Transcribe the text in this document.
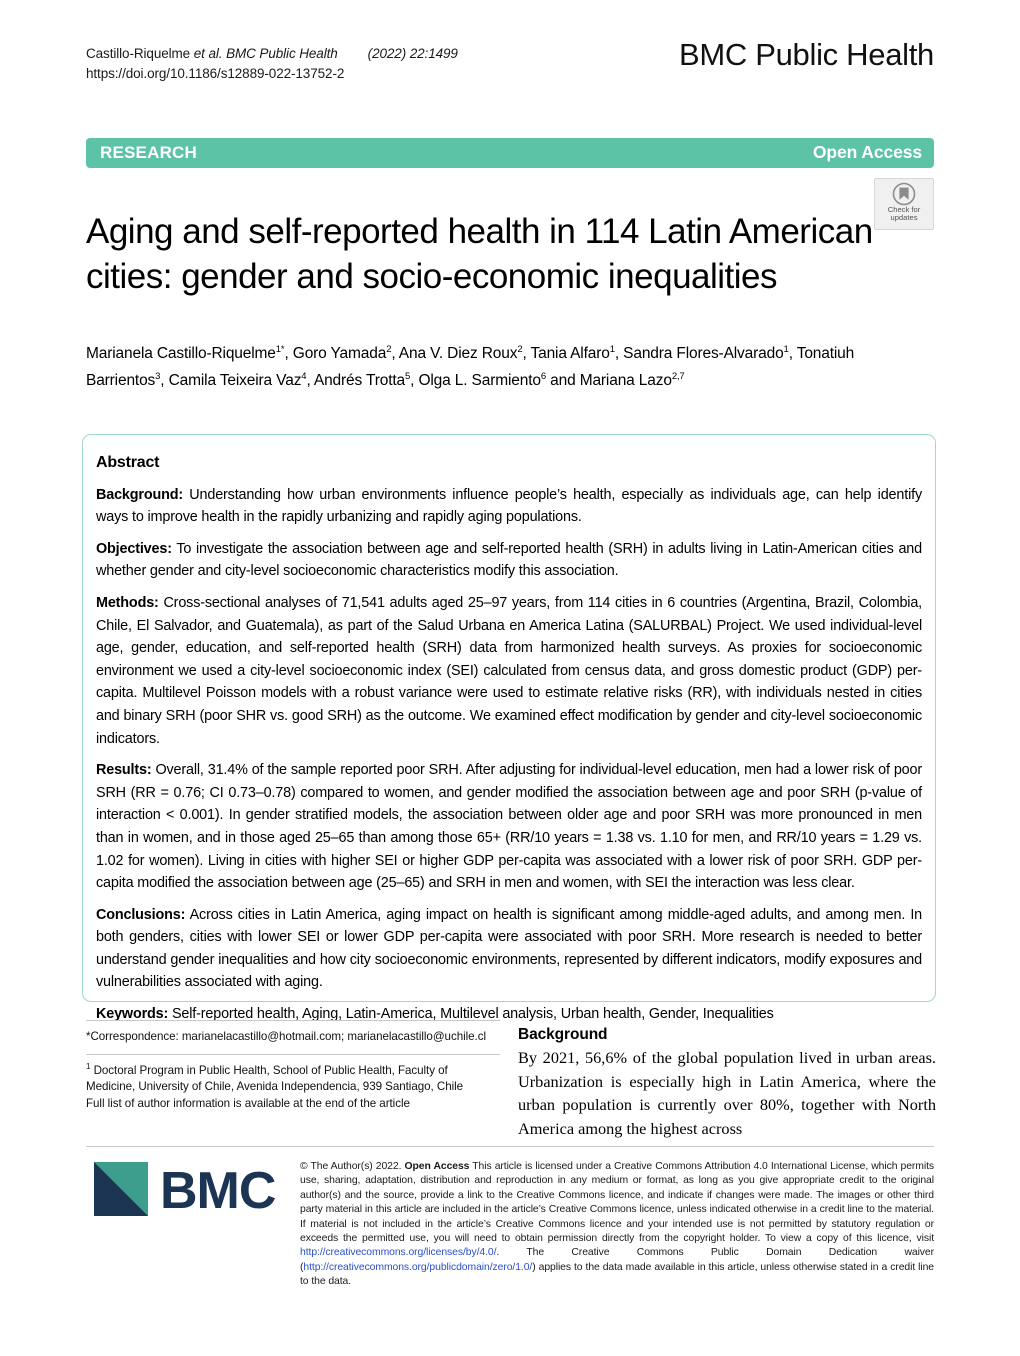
Castillo-Riquelme et al. BMC Public Health (2022) 22:1499
https://doi.org/10.1186/s12889-022-13752-2
BMC Public Health
RESEARCH	Open Access
Check for
updates
Aging and self-reported health in 114 Latin American cities: gender and socio-economic inequalities
Marianela Castillo-Riquelme$^{1*}$, Goro Yamada$^2$, Ana V. Diez Roux$^2$, Tania Alfaro$^1$, Sandra Flores-Alvarado$^1$, Tonatiuh Barrientos$^3$, Camila Teixeira Vaz$^4$, Andrés Trotta$^5$, Olga L. Sarmiento$^6$ and Mariana Lazo$^{2,7}$
Abstract

Background: Understanding how urban environments influence people’s health, especially as individuals age, can help identify ways to improve health in the rapidly urbanizing and rapidly aging populations.

Objectives: To investigate the association between age and self-reported health (SRH) in adults living in Latin-American cities and whether gender and city-level socioeconomic characteristics modify this association.

Methods: Cross-sectional analyses of 71,541 adults aged 25–97 years, from 114 cities in 6 countries (Argentina, Brazil, Colombia, Chile, El Salvador, and Guatemala), as part of the Salud Urbana en America Latina (SALURBAL) Project. We used individual-level age, gender, education, and self-reported health (SRH) data from harmonized health surveys. As proxies for socioeconomic environment we used a city-level socioeconomic index (SEI) calculated from census data, and gross domestic product (GDP) per-capita. Multilevel Poisson models with a robust variance were used to estimate relative risks (RR), with individuals nested in cities and binary SRH (poor SHR vs. good SRH) as the outcome. We examined effect modification by gender and city-level socioeconomic indicators.

Results: Overall, 31.4% of the sample reported poor SRH. After adjusting for individual-level education, men had a lower risk of poor SRH (RR = 0.76; CI 0.73–0.78) compared to women, and gender modified the association between age and poor SRH (p-value of interaction < 0.001). In gender stratified models, the association between older age and poor SRH was more pronounced in men than in women, and in those aged 25–65 than among those 65+ (RR/10 years = 1.38 vs. 1.10 for men, and RR/10 years = 1.29 vs. 1.02 for women). Living in cities with higher SEI or higher GDP per-capita was associated with a lower risk of poor SRH. GDP per-capita modified the association between age (25–65) and SRH in men and women, with SEI the interaction was less clear.

Conclusions: Across cities in Latin America, aging impact on health is significant among middle-aged adults, and among men. In both genders, cities with lower SEI or lower GDP per-capita were associated with poor SRH. More research is needed to better understand gender inequalities and how city socioeconomic environments, represented by different indicators, modify exposures and vulnerabilities associated with aging.

Keywords: Self-reported health, Aging, Latin-America, Multilevel analysis, Urban health, Gender, Inequalities

*Correspondence: marianelacastillo@hotmail.com; marianelacastillo@uchile.cl

$^1$ Doctoral Program in Public Health, School of Public Health, Faculty of Medicine, University of Chile, Avenida Independencia, 939 Santiago, Chile
Full list of author information is available at the end of the article

Background

By 2021, 56,6% of the global population lived in urban areas. Urbanization is especially high in Latin America, where the urban population is currently over 80%, together with North America among the highest across

BMC © The Author(s) 2022. Open Access This article is licensed under a Creative Commons Attribution 4.0 International License, which permits use, sharing, adaptation, distribution and reproduction in any medium or format, as long as you give appropriate credit to the original author(s) and the source, provide a link to the Creative Commons licence, and indicate if changes were made. The images or other third party material in this article are included in the article’s Creative Commons licence, unless indicated otherwise in a credit line to the material. If material is not included in the article’s Creative Commons licence and your intended use is not permitted by statutory regulation or exceeds the permitted use, you will need to obtain permission directly from the copyright holder. To view a copy of this licence, visit http://creativecommons.org/licenses/by/4.0/. The Creative Commons Public Domain Dedication waiver (http://creativecommons.org/publicdomain/zero/1.0/) applies to the data made available in this article, unless otherwise stated in a credit line to the data.
